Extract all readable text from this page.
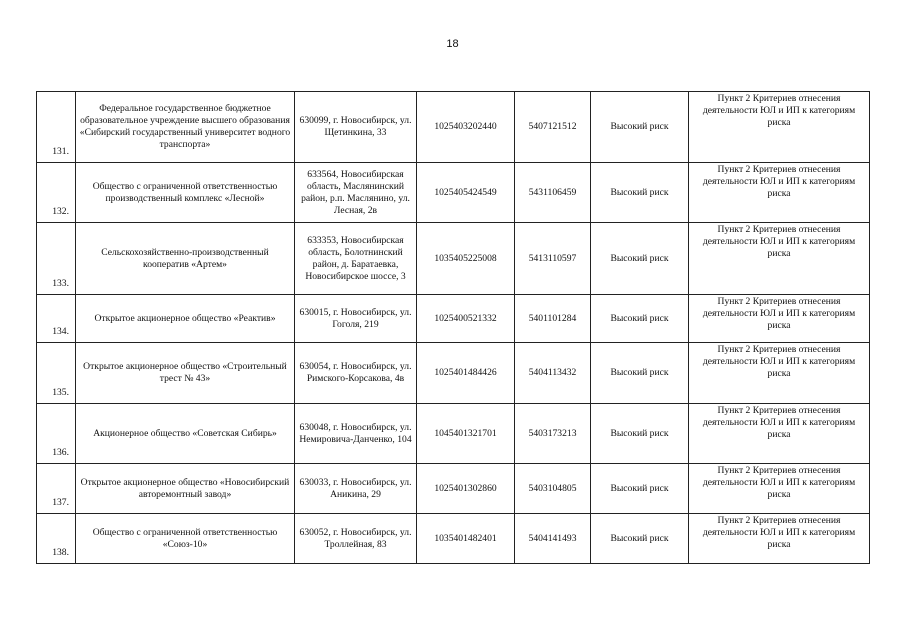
18
131.	Федеральное государственное бюджетное образовательное учреждение высшего образования «Сибирский государственный университет водного транспорта»	630099, г. Новосибирск, ул. Щетинкина, 33	1025403202440	5407121512	Высокий риск	Пункт 2 Критериев отнесения деятельности ЮЛ и ИП к категориям риска
132.	Общество с ограниченной ответственностью производственный комплекс «Лесной»	633564, Новосибирская область, Маслянинский район, р.п. Маслянино, ул. Лесная, 2в	1025405424549	5431106459	Высокий риск	Пункт 2 Критериев отнесения деятельности ЮЛ и ИП к категориям риска
133.	Сельскохозяйственно-производственный кооператив «Артем»	633353, Новосибирская область, Болотнинский район, д. Баратаевка, Новосибирское шоссе, 3	1035405225008	5413110597	Высокий риск	Пункт 2 Критериев отнесения деятельности ЮЛ и ИП к категориям риска
134.	Открытое акционерное общество «Реактив»	630015, г. Новосибирск, ул. Гоголя, 219	1025400521332	5401101284	Высокий риск	Пункт 2 Критериев отнесения деятельности ЮЛ и ИП к категориям риска
135.	Открытое акционерное общество «Строительный трест № 43»	630054, г. Новосибирск, ул. Римского-Корсакова, 4в	1025401484426	5404113432	Высокий риск	Пункт 2 Критериев отнесения деятельности ЮЛ и ИП к категориям риска
136.	Акционерное общество «Советская Сибирь»	630048, г. Новосибирск, ул. Немировича-Данченко, 104	1045401321701	5403173213	Высокий риск	Пункт 2 Критериев отнесения деятельности ЮЛ и ИП к категориям риска
137.	Открытое акционерное общество «Новосибирский авторемонтный завод»	630033, г. Новосибирск, ул. Аникина, 29	1025401302860	5403104805	Высокий риск	Пункт 2 Критериев отнесения деятельности ЮЛ и ИП к категориям риска
138.	Общество с ограниченной ответственностью «Союз-10»	630052, г. Новосибирск, ул. Троллейная, 83	1035401482401	5404141493	Высокий риск	Пункт 2 Критериев отнесения деятельности ЮЛ и ИП к категориям риска
